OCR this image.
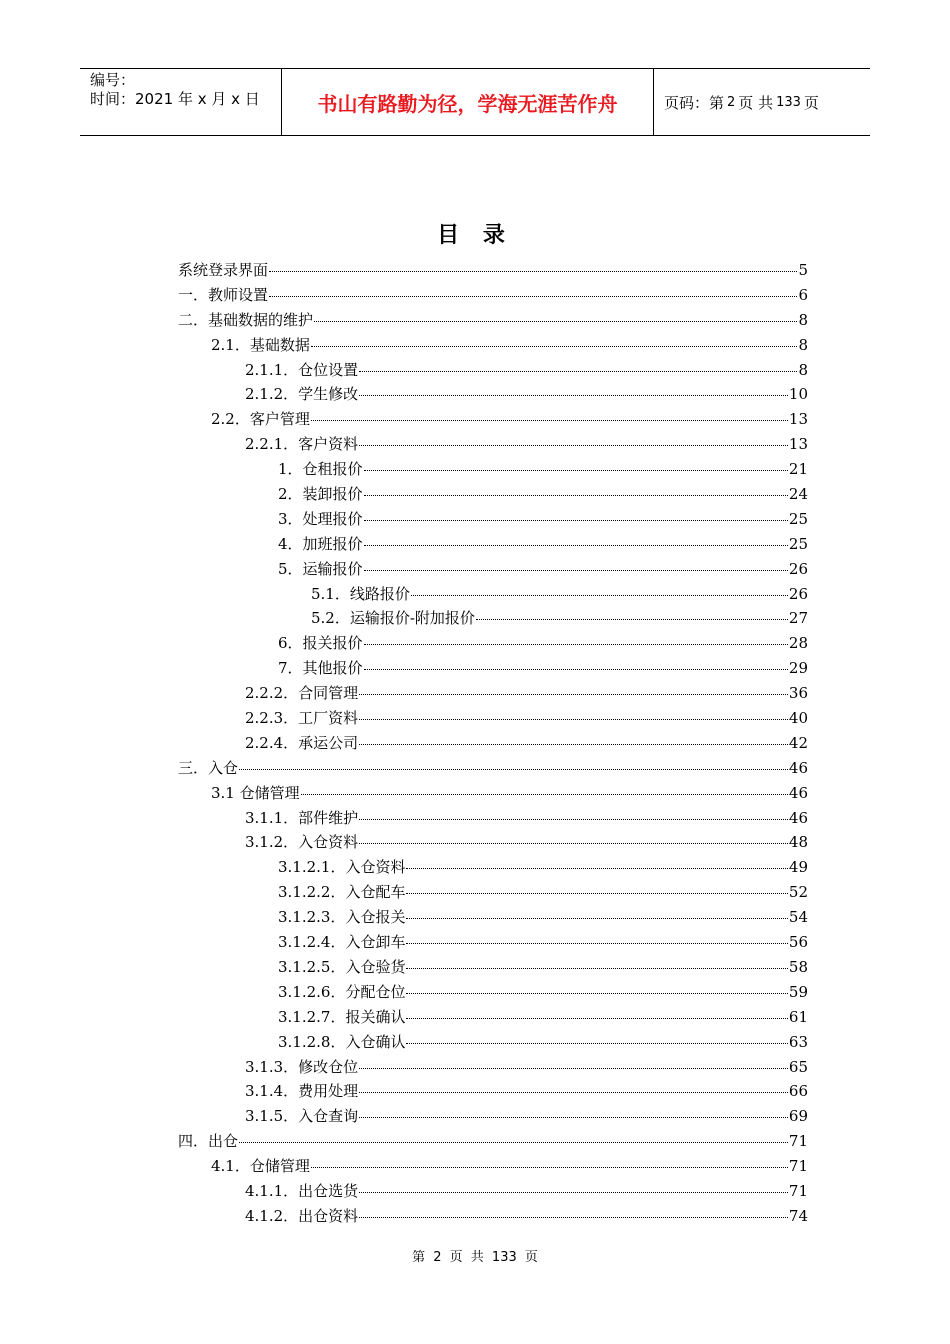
编号：
时间：2021 年 x 月 x 日	书山有路勤为径，学海无涯苦作舟	页码：第 2 页 共 133 页
目 录
系统登录界面	5
一．教师设置	6
二．基础数据的维护	8
2.1．基础数据	8
2.1.1．仓位设置	8
2.1.2．学生修改	10
2.2．客户管理	13
2.2.1．客户资料	13
1．仓租报价	21
2．装卸报价	24
3．处理报价	25
4．加班报价	25
5．运输报价	26
5.1．线路报价	26
5.2．运输报价-附加报价	27
6．报关报价	28
7．其他报价	29
2.2.2．合同管理	36
2.2.3．工厂资料	40
2.2.4．承运公司	42
三．入仓	46
3.1 仓储管理	46
3.1.1．部件维护	46
3.1.2．入仓资料	48
3.1.2.1．入仓资料	49
3.1.2.2．入仓配车	52
3.1.2.3．入仓报关	54
3.1.2.4．入仓卸车	56
3.1.2.5．入仓验货	58
3.1.2.6．分配仓位	59
3.1.2.7．报关确认	61
3.1.2.8．入仓确认	63
3.1.3．修改仓位	65
3.1.4．费用处理	66
3.1.5．入仓查询	69
四．出仓	71
4.1．仓储管理	71
4.1.1．出仓选货	71
4.1.2．出仓资料	74
第 2 页 共 133 页
